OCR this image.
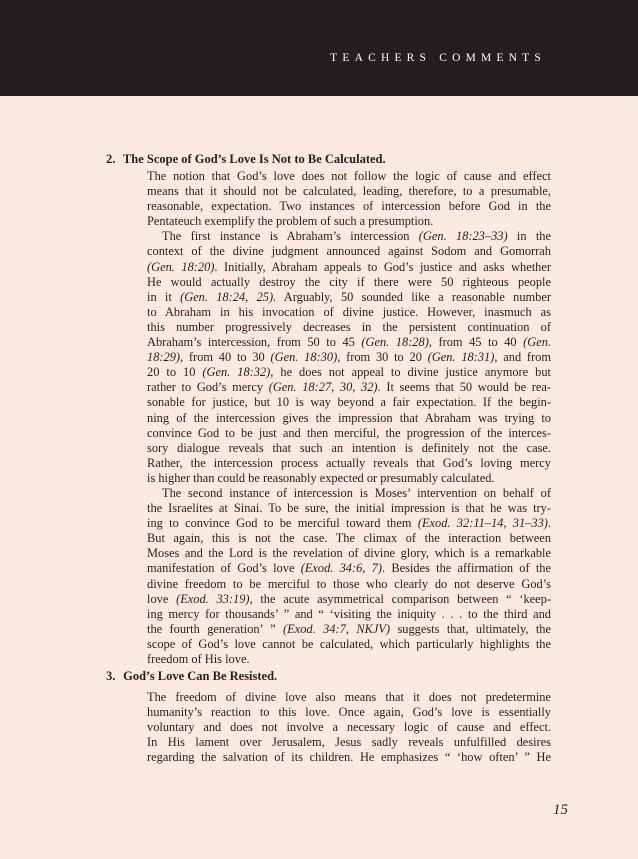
TEACHERS COMMENTS
2. The Scope of God’s Love Is Not to Be Calculated.
The notion that God’s love does not follow the logic of cause and effect
means that it should not be calculated, leading, therefore, to a presumable,
reasonable, expectation. Two instances of intercession before God in the
Pentateuch exemplify the problem of such a presumption.
The first instance is Abraham’s intercession (Gen. 18:23–33) in the
context of the divine judgment announced against Sodom and Gomorrah
(Gen. 18:20). Initially, Abraham appeals to God’s justice and asks whether
He would actually destroy the city if there were 50 righteous people
in it (Gen. 18:24, 25). Arguably, 50 sounded like a reasonable number
to Abraham in his invocation of divine justice. However, inasmuch as
this number progressively decreases in the persistent continuation of
Abraham’s intercession, from 50 to 45 (Gen. 18:28), from 45 to 40 (Gen.
18:29), from 40 to 30 (Gen. 18:30), from 30 to 20 (Gen. 18:31), and from
20 to 10 (Gen. 18:32), he does not appeal to divine justice anymore but
rather to God’s mercy (Gen. 18:27, 30, 32). It seems that 50 would be rea-
sonable for justice, but 10 is way beyond a fair expectation. If the begin-
ning of the intercession gives the impression that Abraham was trying to
convince God to be just and then merciful, the progression of the interces-
sory dialogue reveals that such an intention is definitely not the case.
Rather, the intercession process actually reveals that God’s loving mercy
is higher than could be reasonably expected or presumably calculated.
The second instance of intercession is Moses’ intervention on behalf of
the Israelites at Sinai. To be sure, the initial impression is that he was try-
ing to convince God to be merciful toward them (Exod. 32:11–14, 31–33).
But again, this is not the case. The climax of the interaction between
Moses and the Lord is the revelation of divine glory, which is a remarkable
manifestation of God’s love (Exod. 34:6, 7). Besides the affirmation of the
divine freedom to be merciful to those who clearly do not deserve God’s
love (Exod. 33:19), the acute asymmetrical comparison between “ ‘keep-
ing mercy for thousands’ ” and “ ‘visiting the iniquity . . . to the third and
the fourth generation’ ” (Exod. 34:7, NKJV) suggests that, ultimately, the
scope of God’s love cannot be calculated, which particularly highlights the
freedom of His love.
3. God’s Love Can Be Resisted.
The freedom of divine love also means that it does not predetermine
humanity’s reaction to this love. Once again, God’s love is essentially
voluntary and does not involve a necessary logic of cause and effect.
In His lament over Jerusalem, Jesus sadly reveals unfulfilled desires
regarding the salvation of its children. He emphasizes “ ‘how often’ ” He
15
